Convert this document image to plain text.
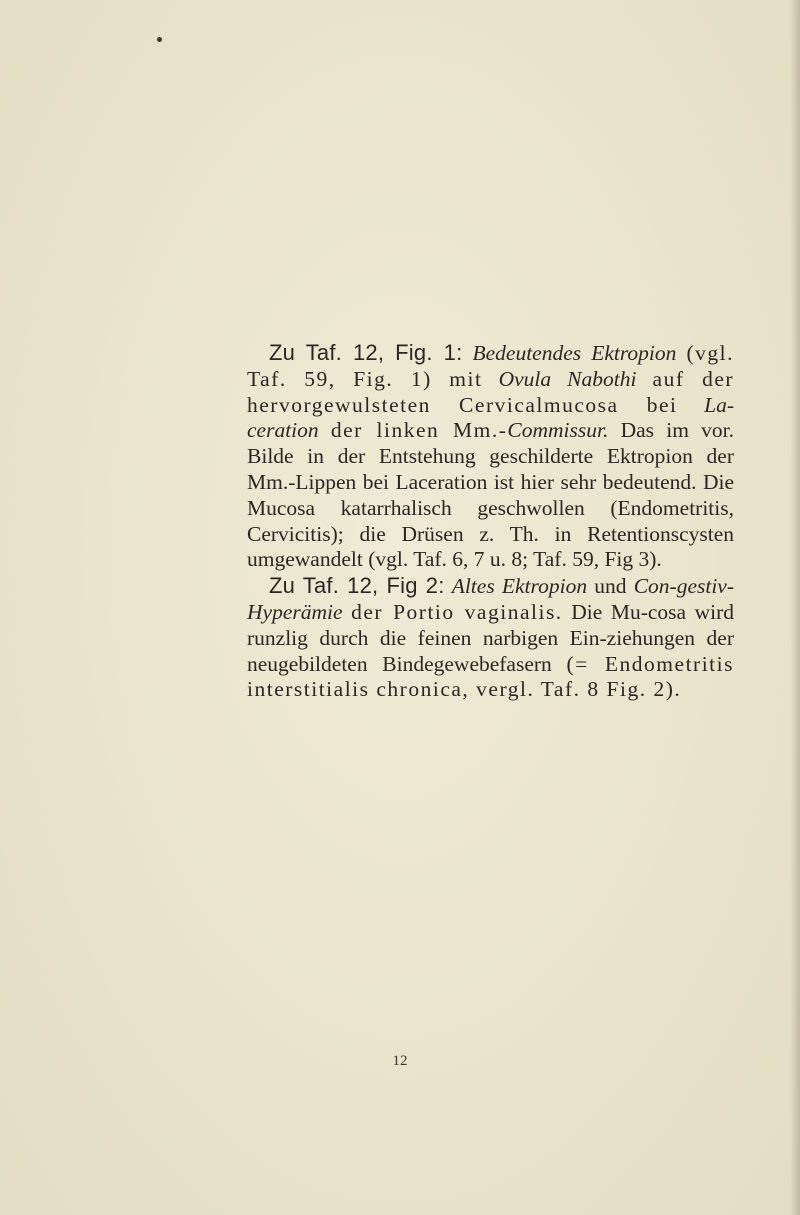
Zu Taf. 12, Fig. 1: Bedeutendes Ektropion (vgl. Taf. 59, Fig. 1) mit Ovula Nabothi auf der hervorgewulsteten Cervicalmucosa bei La-ceration der linken Mm.-Commissur. Das im vor. Bilde in der Entstehung geschilderte Ektropion der Mm.-Lippen bei Laceration ist hier sehr bedeutend. Die Mucosa katarrhalisch geschwollen (Endometritis, Cervicitis); die Drüsen z. Th. in Retentionscysten umgewandelt (vgl. Taf. 6, 7 u. 8; Taf. 59, Fig 3).

Zu Taf. 12, Fig 2: Altes Ektropion und Con-gestiv-Hyperämie der Portio vaginalis. Die Mu-cosa wird runzlig durch die feinen narbigen Ein-ziehungen der neugebildeten Bindegewebefasern (= Endometritis interstitialis chronica, vergl. Taf. 8 Fig. 2).

12
